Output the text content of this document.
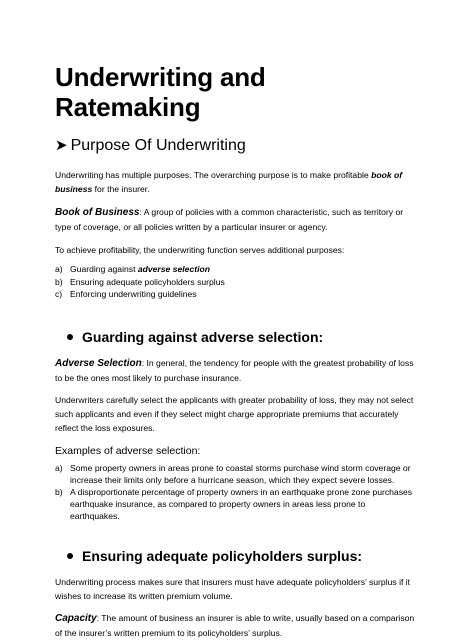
Underwriting and Ratemaking
➤ Purpose Of Underwriting

Underwriting has multiple purposes. The overarching purpose is to make profitable book of business for the insurer.

Book of Business: A group of policies with a common characteristic, such as territory or type of coverage, or all policies written by a particular insurer or agency.

To achieve profitability, the underwriting function serves additional purposes:

a) Guarding against adverse selection
b) Ensuring adequate policyholders surplus
c) Enforcing underwriting guidelines
Guarding against adverse selection:

Adverse Selection: In general, the tendency for people with the greatest probability of loss to be the ones most likely to purchase insurance.

Underwriters carefully select the applicants with greater probability of loss, they may not select such applicants and even if they select might charge appropriate premiums that accurately reflect the loss exposures.

Examples of adverse selection:
a) Some property owners in areas prone to coastal storms purchase wind storm coverage or increase their limits only before a hurricane season, which they expect severe losses.
b) A disproportionate percentage of property owners in an earthquake prone zone purchases earthquake insurance, as compared to property owners in areas less prone to earthquakes.
Ensuring adequate policyholders surplus:

Underwriting process makes sure that insurers must have adequate policyholders’ surplus if it wishes to increase its written premium volume.

Capacity: The amount of business an insurer is able to write, usually based on a comparison of the insurer’s written premium to its policyholders’ surplus.
